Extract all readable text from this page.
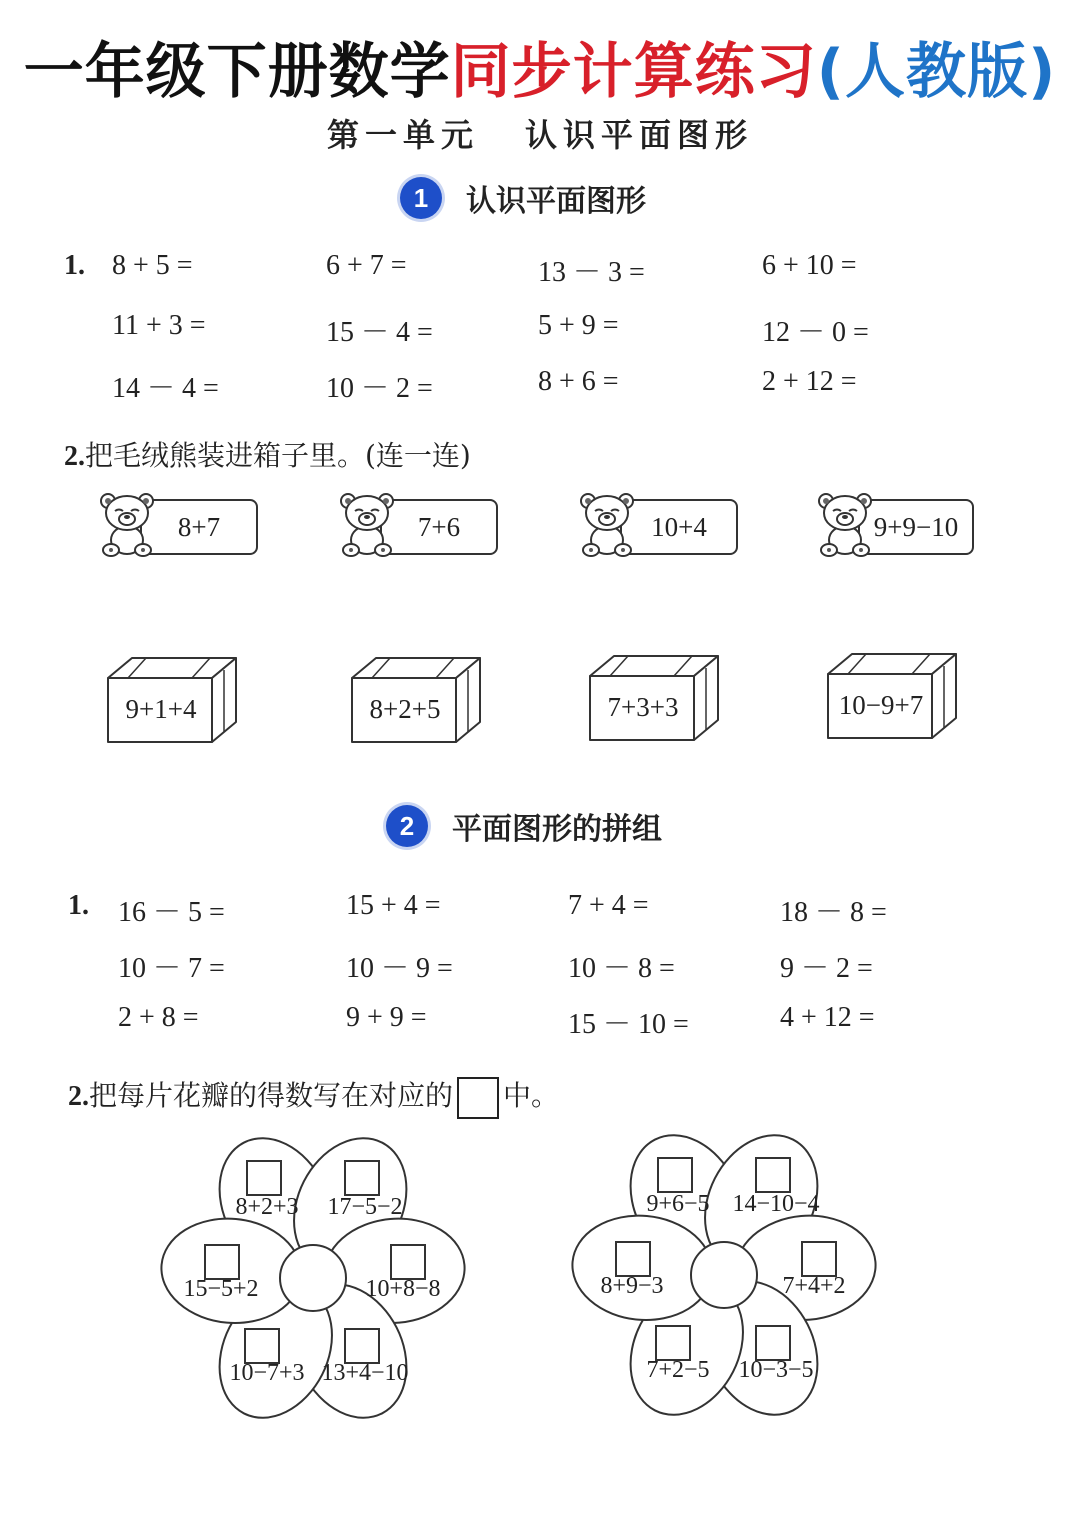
一年级下册数学同步计算练习(人教版)
第一单元 认识平面图形
1	认识平面图形
1. 8 + 5 =	6 + 7 =	13 － 3 =	6 + 10 =
11 + 3 =	15 － 4 =	5 + 9 =	12 － 0 =
14 － 4 =	10 － 2 =	8 + 6 =	2 + 12 =
2.把毛绒熊装进箱子里。(连一连)
8+7	7+6	10+4	9+9−10
9+1+4	8+2+5	7+3+3	10−9+7
2	平面图形的拼组
1. 16 － 5 =	15 + 4 =	7 + 4 =	18 － 8 =
10 － 7 =	10 － 9 =	10 － 8 =	9 － 2 =
2 + 8 =	9 + 9 =	15 － 10 =	4 + 12 =
2.把每片花瓣的得数写在对应的 中。
8+2+3	17−5−2
10+8−8
13+4−10
10−7+3
15−5+2
9+6−5 14−10−4
7+4+2
10−3−5
7+2−5
8+9−3
